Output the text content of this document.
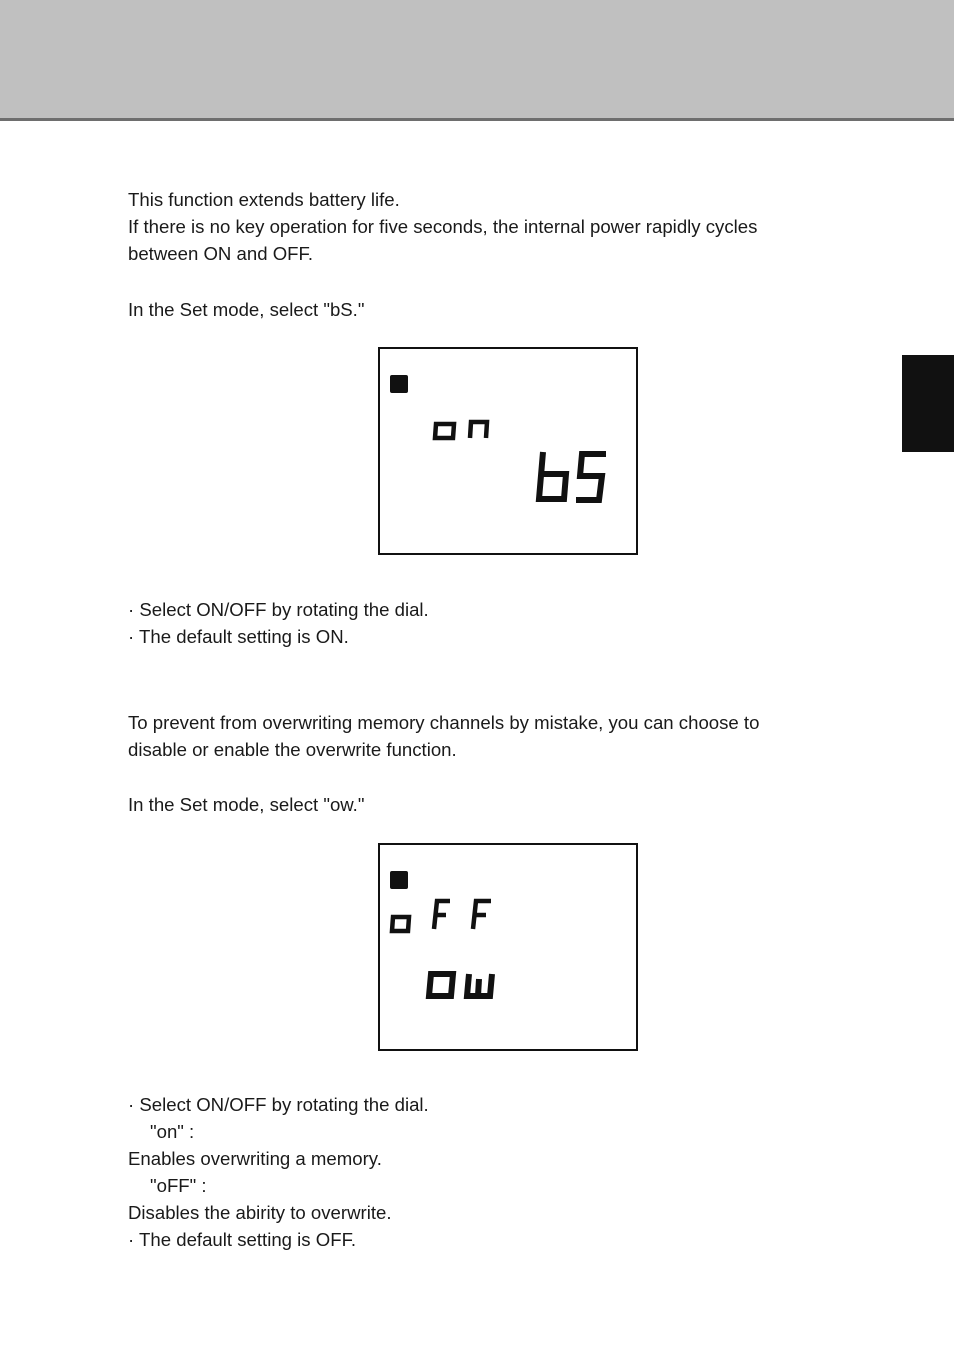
This function extends battery life.
If there is no key operation for five seconds, the internal power rapidly cycles
between ON and OFF.
In the Set mode, select "bS."
· Select ON/OFF by rotating the dial.
· The default setting is ON.
To prevent from overwriting memory channels by mistake, you can choose to
disable or enable the overwrite function.
In the Set mode, select "ow."
· Select ON/OFF by rotating the dial.
"on" :
Enables overwriting a memory.
"oFF" :
Disables the abirity to overwrite.
· The default setting is OFF.
